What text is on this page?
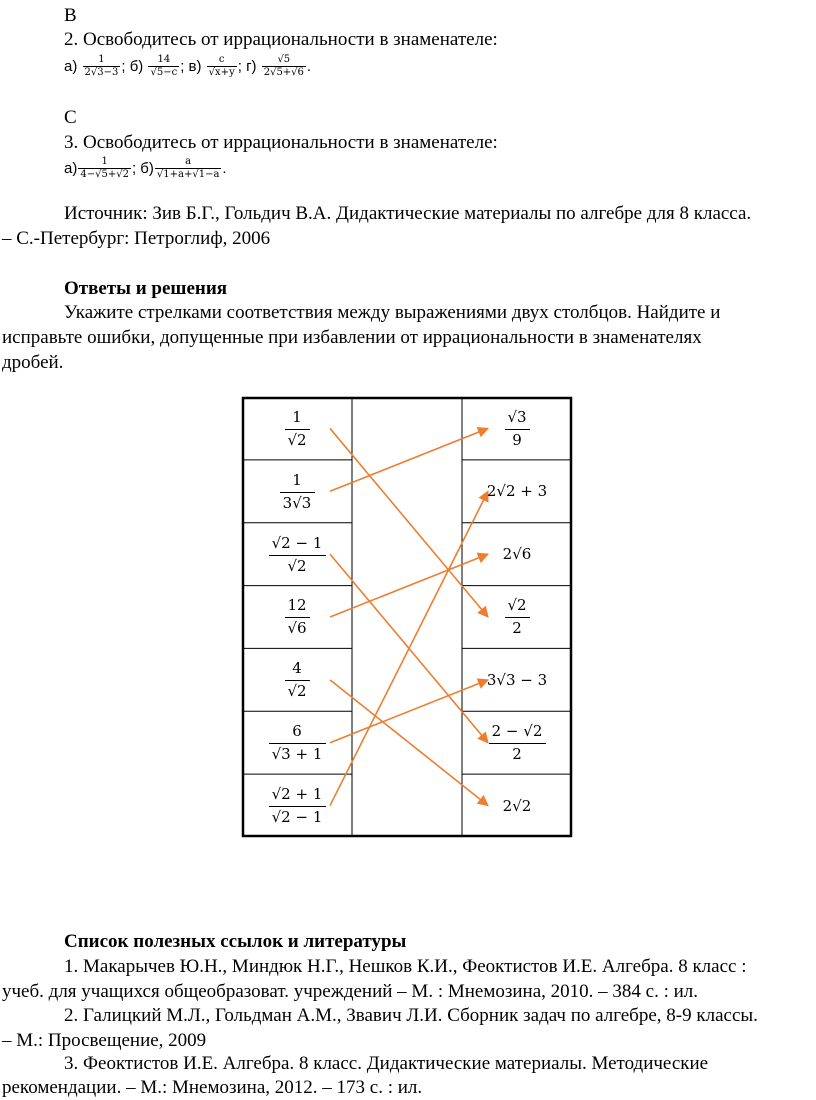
В
2. Освободитесь от иррациональности в знаменателе:
а)
$\frac{1}{2√3-3}$ ;
б)
$\frac{14}{√5-c}$ ;
в)
$\frac{c}{√x+y}$ ;
г)
$\frac{√5}{2√5+√6}$ .
С
3. Освободитесь от иррациональности в знаменателе:
$а) \frac{1}{4-√5+√2}$ ;
$б) \frac{a}{√1+a+√1-a}$ .
Источник: Зив Б.Г., Гольдич В.А. Дидактические материалы по алгебре для 8 класса.
– С.-Петербург: Петроглиф, 2006
Ответы и решения
Укажите стрелками соответствия между выражениями двух столбцов. Найдите и
исправьте ошибки, допущенные при избавлении от иррациональности в знаменателях
дробей.
1
√2
1
3√3
√2 − 1
√2
12
√6
4
√2
6
√3 + 1
√2 + 1
√2 − 1
√3
9
2√2 + 3
2√6
√2
2
3√3 − 3
2 − √2
2
2√2
Список полезных ссылок и литературы
1. Макарычев Ю.Н., Миндюк Н.Г., Нешков К.И., Феоктистов И.Е. Алгебра. 8 класс :
учеб. для учащихся общеобразоват. учреждений – М. : Мнемозина, 2010. – 384 с. : ил.
2. Галицкий М.Л., Гольдман А.М., Звавич Л.И. Сборник задач по алгебре, 8-9 классы.
– М.: Просвещение, 2009
3. Феоктистов И.Е. Алгебра. 8 класс. Дидактические материалы. Методические
рекомендации. – М.: Мнемозина, 2012. – 173 с. : ил.
